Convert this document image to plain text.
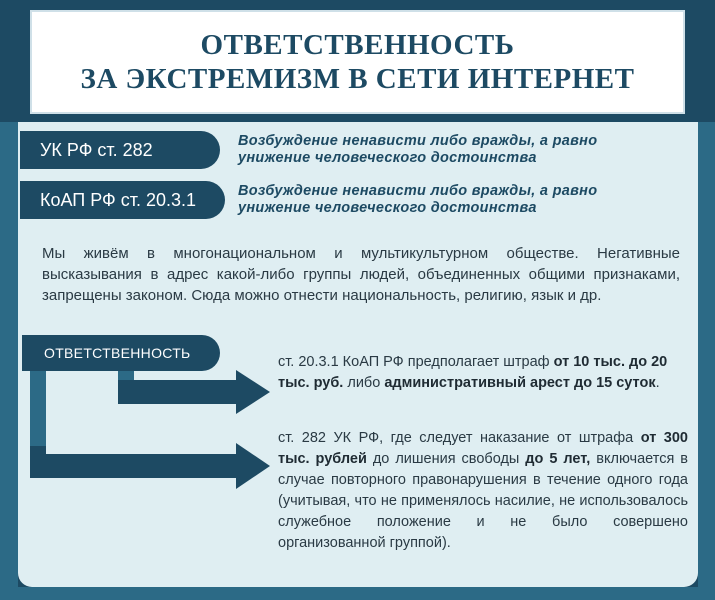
ОТВЕТСТВЕННОСТЬ
ЗА ЭКСТРЕМИЗМ В СЕТИ ИНТЕРНЕТ
УК РФ ст. 282	Возбуждение ненависти либо вражды, а равно
унижение человеческого достоинства
КоАП РФ ст. 20.3.1	Возбуждение ненависти либо вражды, а равно
унижение человеческого достоинства
Мы живём в многонациональном и мультикультурном обществе. Негативные высказывания в адрес какой-либо группы людей, объединенных общими признаками, запрещены законом. Сюда можно отнести национальность, религию, язык и др.
ОТВЕТСТВЕННОСТЬ
ст. 20.3.1 КоАП РФ предполагает штраф от 10 тыс. до 20 тыс. руб. либо административный арест до 15 суток.
ст. 282 УК РФ, где следует наказание от штрафа от 300 тыс. рублей до лишения свободы до 5 лет, включается в случае повторного правонарушения в течение одного года (учитывая, что не применялось насилие, не использовалось служебное положение и не было совершено организованной группой).
